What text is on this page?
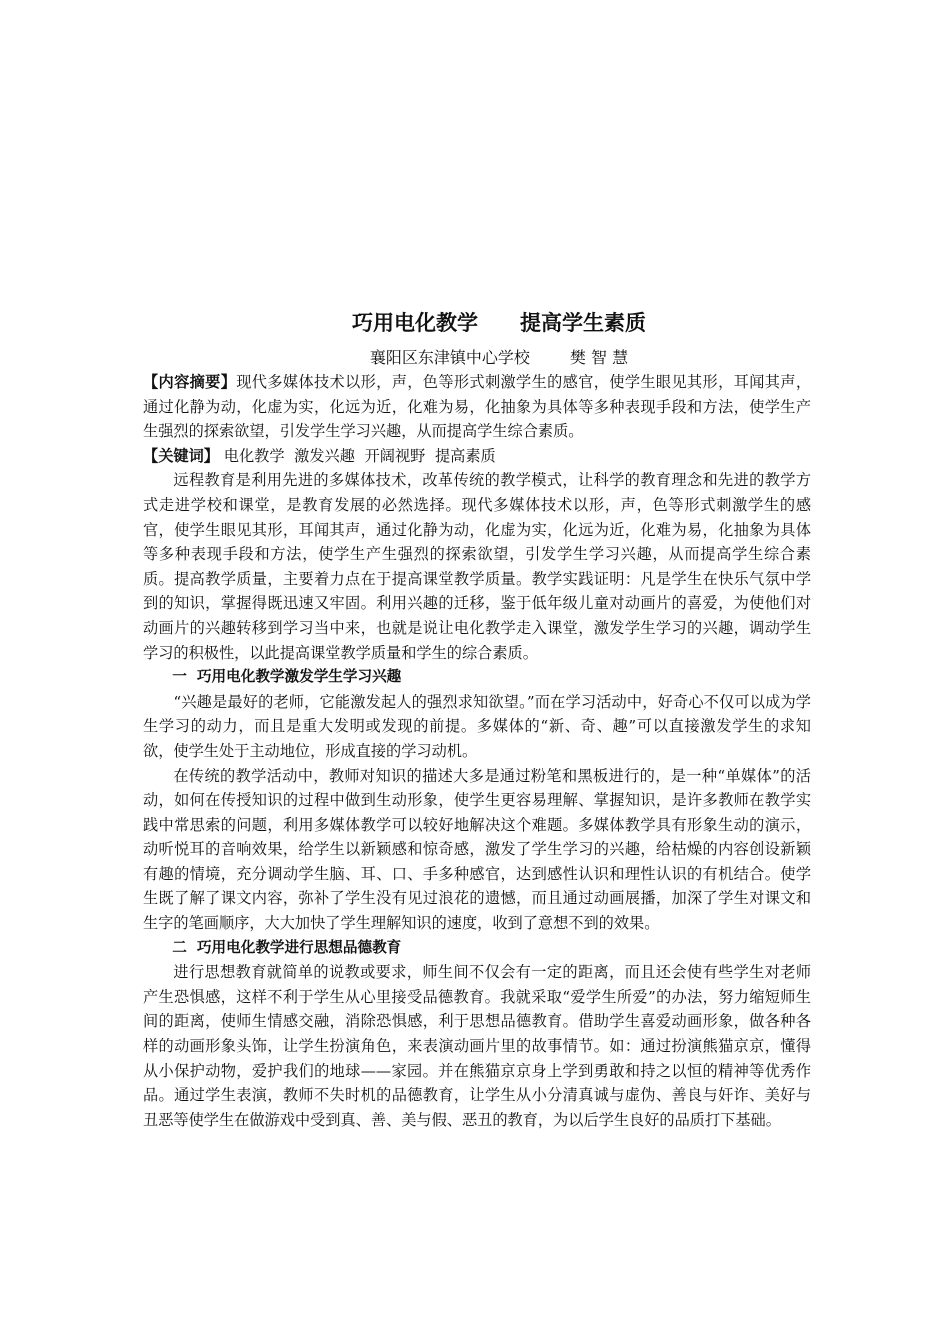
巧用电化教学　　提高学生素质

襄阳区东津镇中心学校	樊 智 慧

【内容摘要】现代多媒体技术以形，声，色等形式刺激学生的感官，使学生眼见其形，耳闻其声，通过化静为动，化虚为实，化远为近，化难为易，化抽象为具体等多种表现手段和方法，使学生产生强烈的探索欲望，引发学生学习兴趣，从而提高学生综合素质。

【关键词】 电化教学  激发兴趣  开阔视野  提高素质

远程教育是利用先进的多媒体技术，改革传统的教学模式，让科学的教育理念和先进的教学方式走进学校和课堂，是教育发展的必然选择。现代多媒体技术以形，声，色等形式刺激学生的感官，使学生眼见其形，耳闻其声，通过化静为动，化虚为实，化远为近，化难为易，化抽象为具体等多种表现手段和方法，使学生产生强烈的探索欲望，引发学生学习兴趣，从而提高学生综合素质。提高教学质量，主要着力点在于提高课堂教学质量。教学实践证明：凡是学生在快乐气氛中学到的知识，掌握得既迅速又牢固。利用兴趣的迁移，鉴于低年级儿童对动画片的喜爱，为使他们对动画片的兴趣转移到学习当中来，也就是说让电化教学走入课堂，激发学生学习的兴趣，调动学生学习的积极性，以此提高课堂教学质量和学生的综合素质。

一  巧用电化教学激发学生学习兴趣

“兴趣是最好的老师，它能激发起人的强烈求知欲望。”而在学习活动中，好奇心不仅可以成为学生学习的动力，而且是重大发明或发现的前提。多媒体的“新、奇、趣”可以直接激发学生的求知欲，使学生处于主动地位，形成直接的学习动机。

在传统的教学活动中，教师对知识的描述大多是通过粉笔和黑板进行的，是一种“单媒体”的活动，如何在传授知识的过程中做到生动形象，使学生更容易理解、掌握知识，是许多教师在教学实践中常思索的问题，利用多媒体教学可以较好地解决这个难题。多媒体教学具有形象生动的演示，动听悦耳的音响效果，给学生以新颖感和惊奇感，激发了学生学习的兴趣，给枯燥的内容创设新颖有趣的情境，充分调动学生脑、耳、口、手多种感官，达到感性认识和理性认识的有机结合。使学生既了解了课文内容，弥补了学生没有见过浪花的遗憾，而且通过动画展播，加深了学生对课文和生字的笔画顺序，大大加快了学生理解知识的速度，收到了意想不到的效果。

二  巧用电化教学进行思想品德教育

进行思想教育就简单的说教或要求，师生间不仅会有一定的距离，而且还会使有些学生对老师产生恐惧感，这样不利于学生从心里接受品德教育。我就采取“爱学生所爱”的办法，努力缩短师生间的距离，使师生情感交融，消除恐惧感，利于思想品德教育。借助学生喜爱动画形象，做各种各样的动画形象头饰，让学生扮演角色，来表演动画片里的故事情节。如：通过扮演熊猫京京，懂得从小保护动物，爱护我们的地球——家园。并在熊猫京京身上学到勇敢和持之以恒的精神等优秀作品。通过学生表演，教师不失时机的品德教育，让学生从小分清真诚与虚伪、善良与奸诈、美好与丑恶等使学生在做游戏中受到真、善、美与假、恶丑的教育，为以后学生良好的品质打下基础。
